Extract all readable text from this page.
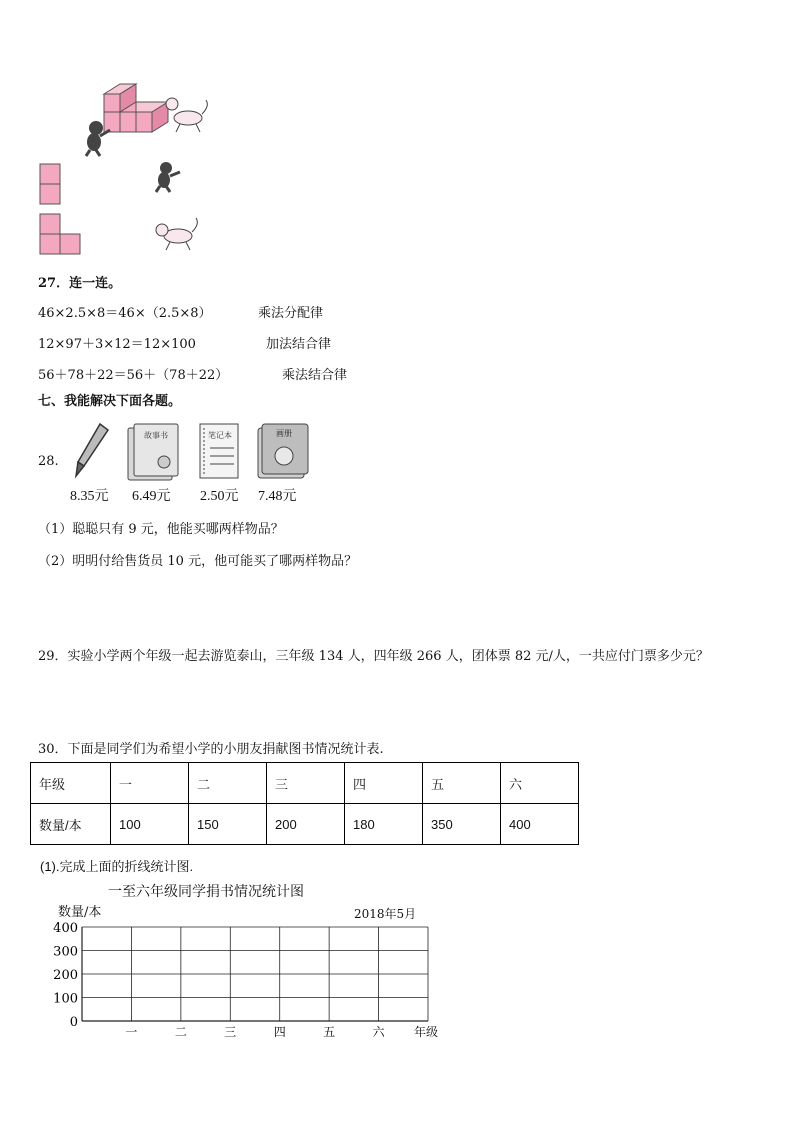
27．连一连。
46×2.5×8＝46×（2.5×8）	乘法分配律
12×97＋3×12＝12×100	加法结合律
56＋78＋22＝56＋（78＋22）	乘法结合律
七、我能解决下面各题。
28.
故事书	笔记本	画册
8.35元 6.49元 2.50元 7.48元
（1）聪聪只有 9 元，他能买哪两样物品？
（2）明明付给售货员 10 元，他可能买了哪两样物品？
29．实验小学两个年级一起去游览泰山，三年级 134 人，四年级 266 人，团体票 82 元/人，一共应付门票多少元？
30．下面是同学们为希望小学的小朋友捐献图书情况统计表.
年级	一	二	三	四	五	六
数量/本	100	150	200	180	350	400
(1).完成上面的折线统计图.
一至六年级同学捐书情况统计图
2018年5月
数量/本
年级
400
300
200
100
0
一	二	三	四	五	六
